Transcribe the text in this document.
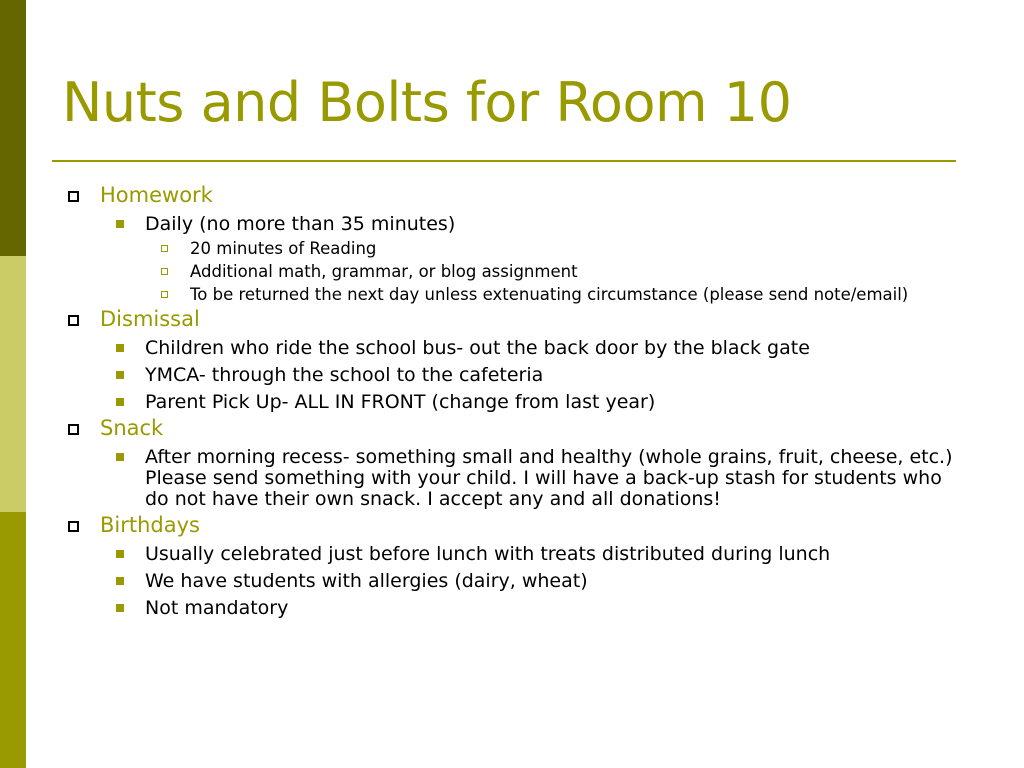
Nuts and Bolts for Room 10
Homework
Daily (no more than 35 minutes)
20 minutes of Reading
Additional math, grammar, or blog assignment
To be returned the next day unless extenuating circumstance (please send note/email)
Dismissal
Children who ride the school bus- out the back door by the black gate
YMCA- through the school to the cafeteria
Parent Pick Up- ALL IN FRONT (change from last year)
Snack
After morning recess- something small and healthy (whole grains, fruit, cheese, etc.) Please send something with your child. I will have a back-up stash for students who do not have their own snack. I accept any and all donations!
Birthdays
Usually celebrated just before lunch with treats distributed during lunch
We have students with allergies (dairy, wheat)
Not mandatory
